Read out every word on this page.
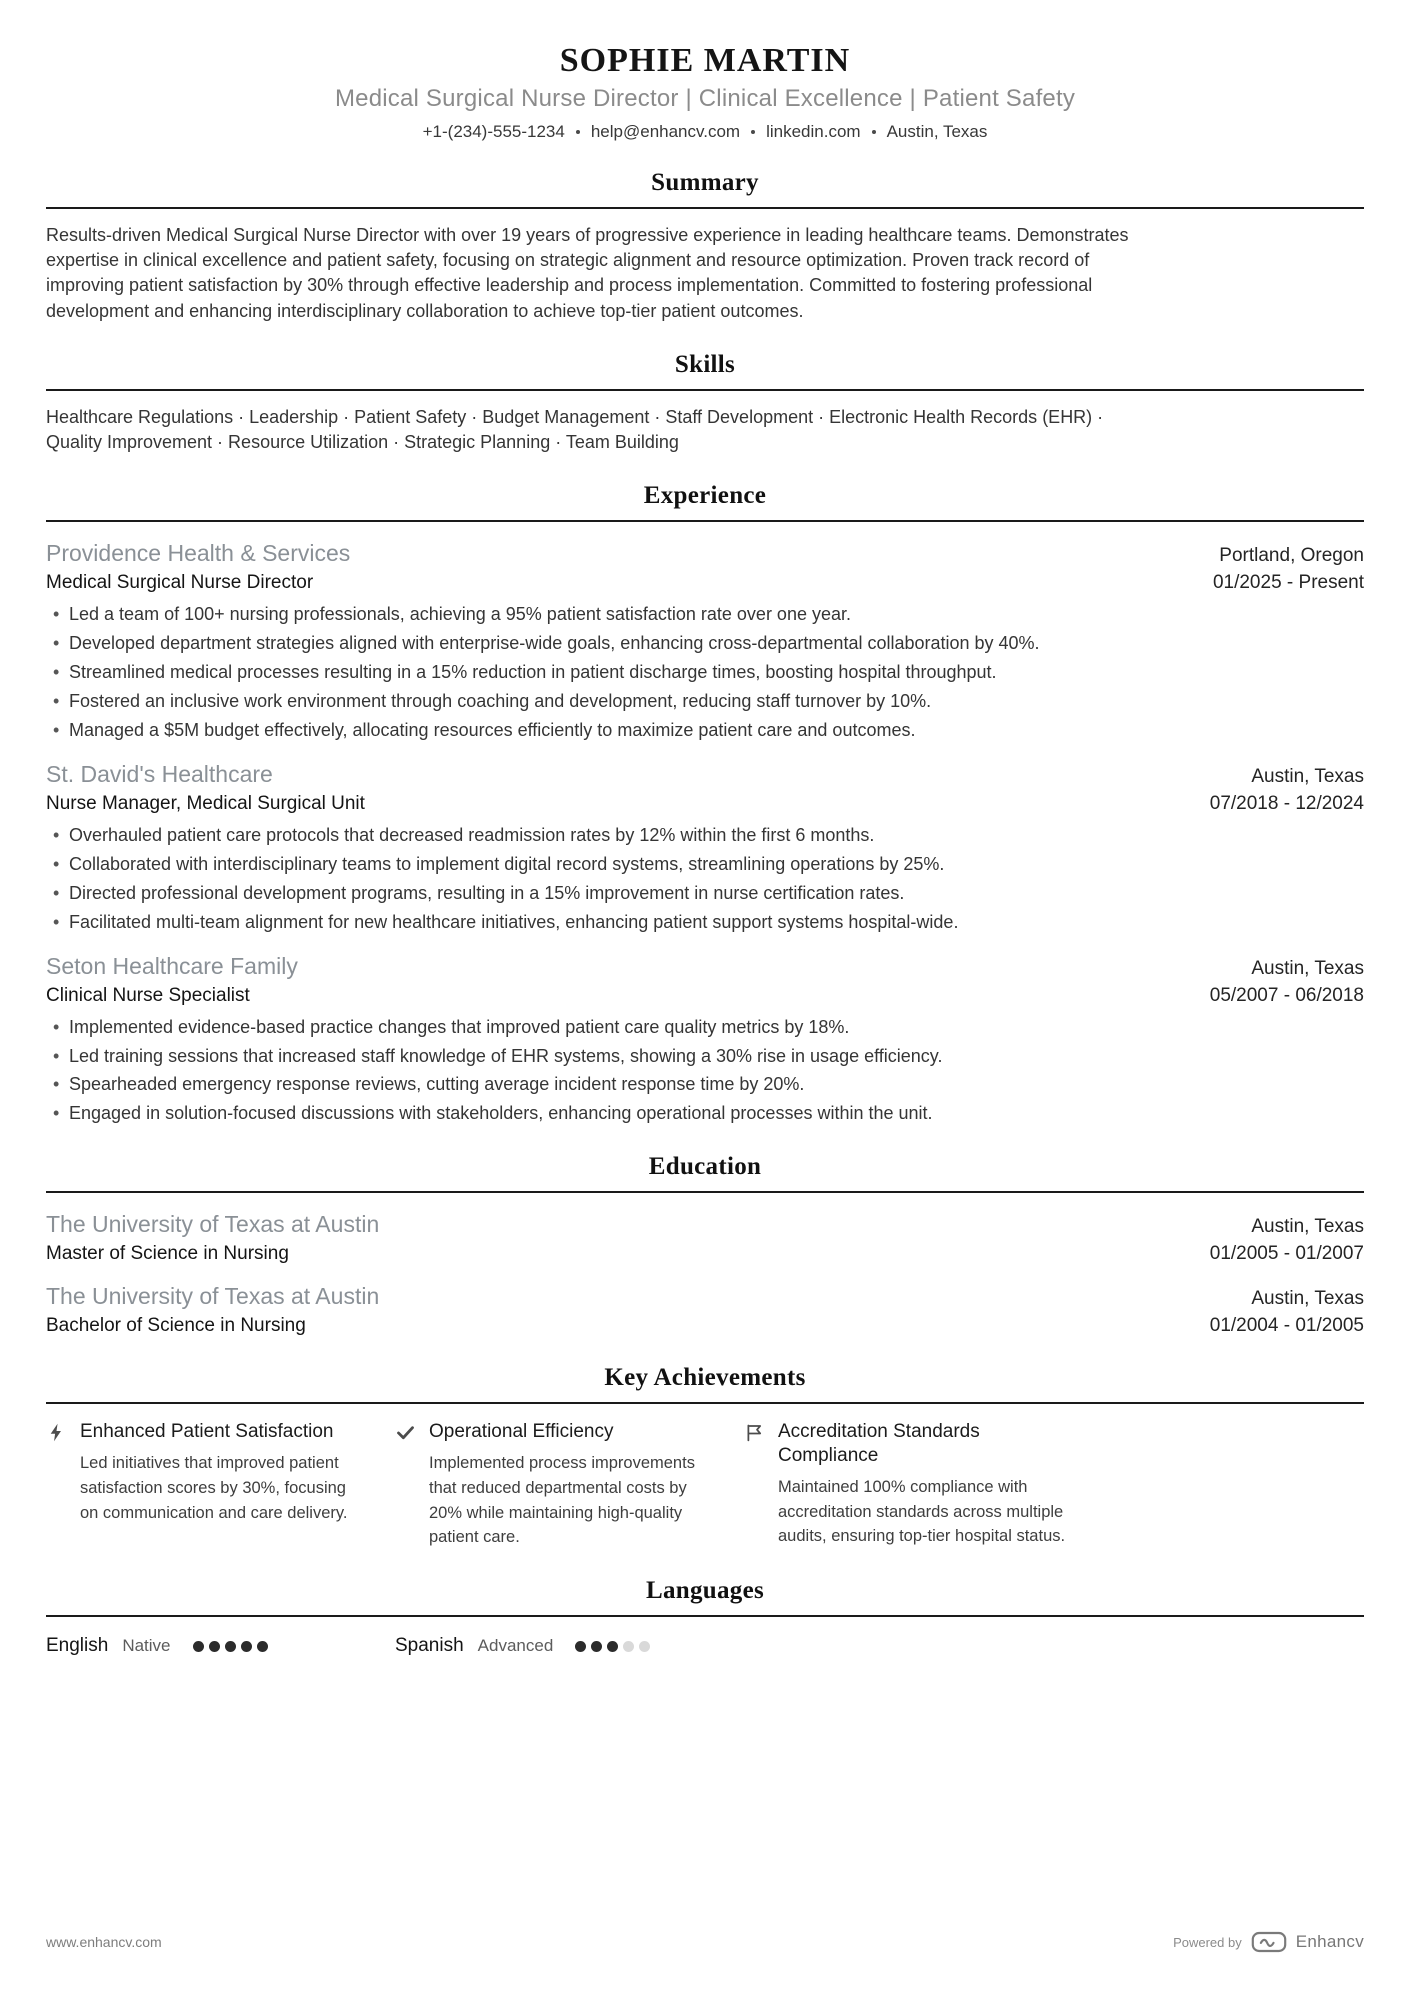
SOPHIE MARTIN
Medical Surgical Nurse Director | Clinical Excellence | Patient Safety
+1-(234)-555-1234 help@enhancv.com linkedin.com Austin, Texas
Summary

Results-driven Medical Surgical Nurse Director with over 19 years of progressive experience in leading healthcare teams. Demonstrates expertise in clinical excellence and patient safety, focusing on strategic alignment and resource optimization. Proven track record of improving patient satisfaction by 30% through effective leadership and process implementation. Committed to fostering professional development and enhancing interdisciplinary collaboration to achieve top-tier patient outcomes.

Skills

Healthcare Regulations · Leadership · Patient Safety · Budget Management · Staff Development · Electronic Health Records (EHR) · Quality Improvement · Resource Utilization · Strategic Planning · Team Building

Experience
Providence Health & Services	Portland, Oregon
Medical Surgical Nurse Director	01/2025 - Present
• Led a team of 100+ nursing professionals, achieving a 95% patient satisfaction rate over one year.
• Developed department strategies aligned with enterprise-wide goals, enhancing cross-departmental collaboration by 40%.
• Streamlined medical processes resulting in a 15% reduction in patient discharge times, boosting hospital throughput.
• Fostered an inclusive work environment through coaching and development, reducing staff turnover by 10%.
• Managed a $5M budget effectively, allocating resources efficiently to maximize patient care and outcomes.
St. David's Healthcare	Austin, Texas
Nurse Manager, Medical Surgical Unit	07/2018 - 12/2024
• Overhauled patient care protocols that decreased readmission rates by 12% within the first 6 months.
• Collaborated with interdisciplinary teams to implement digital record systems, streamlining operations by 25%.
• Directed professional development programs, resulting in a 15% improvement in nurse certification rates.
• Facilitated multi-team alignment for new healthcare initiatives, enhancing patient support systems hospital-wide.
Seton Healthcare Family	Austin, Texas
Clinical Nurse Specialist	05/2007 - 06/2018
• Implemented evidence-based practice changes that improved patient care quality metrics by 18%.
• Led training sessions that increased staff knowledge of EHR systems, showing a 30% rise in usage efficiency.
• Spearheaded emergency response reviews, cutting average incident response time by 20%.
• Engaged in solution-focused discussions with stakeholders, enhancing operational processes within the unit.
Education
The University of Texas at Austin	Austin, Texas
Master of Science in Nursing	01/2005 - 01/2007
The University of Texas at Austin	Austin, Texas
Bachelor of Science in Nursing	01/2004 - 01/2005
Key Achievements
Enhanced Patient Satisfaction

Led initiatives that improved patient satisfaction scores by 30%, focusing on communication and care delivery.

Operational Efficiency

Implemented process improvements that reduced departmental costs by 20% while maintaining high-quality patient care.

Accreditation Standards Compliance

Maintained 100% compliance with accreditation standards across multiple audits, ensuring top-tier hospital status.

Languages
English Native	Spanish Advanced
www.enhancv.com	Powered by	Enhancv
